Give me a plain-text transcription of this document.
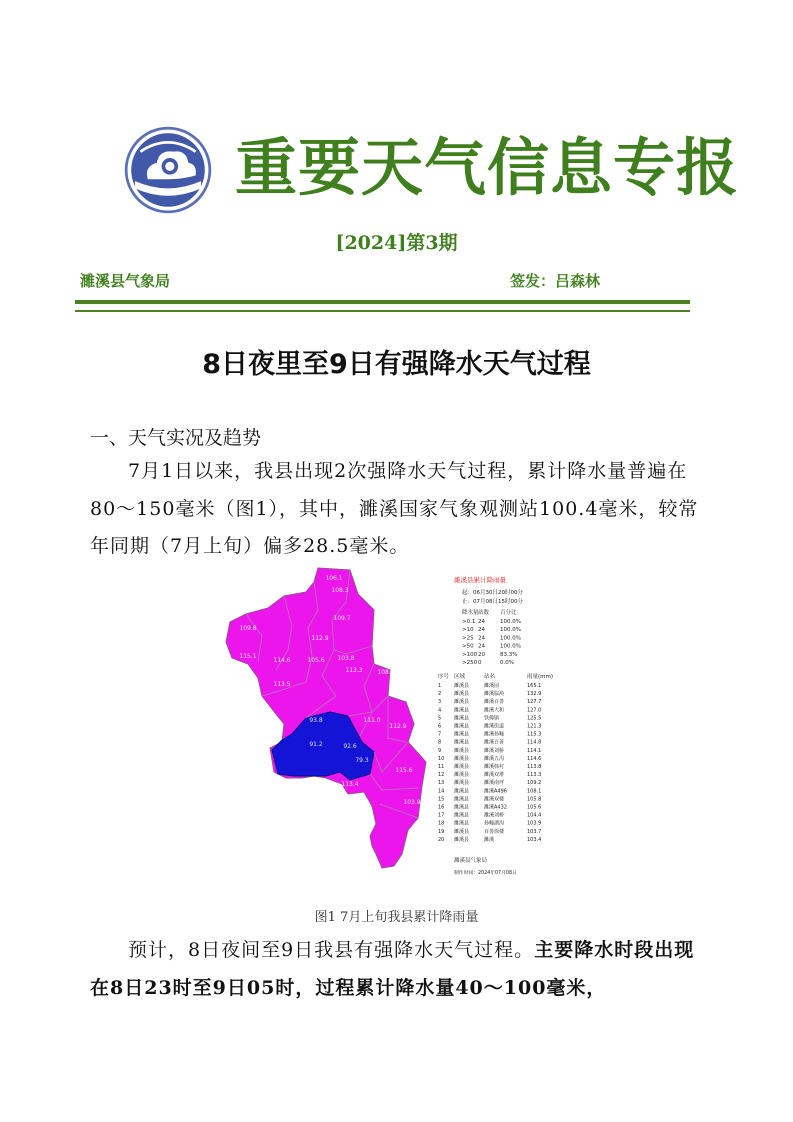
重要天气信息专报
[2024]第3期
濉溪县气象局	签发：吕森林
8日夜里至9日有强降水天气过程
一、天气实况及趋势
7月1日以来，我县出现2次强降水天气过程，累计降水量普遍在80～150毫米（图1），其中，濉溪国家气象观测站100.4毫米，较常年同期（7月上旬）偏多28.5毫米。
106.1
108.3
109.7
109.8
112.9
115.1
114.6	105.6 103.8
108.1
113.3
111.0
93.8
91.2	92.6
79.3
112.9
115.6
113.4
103.9
113.5
濉溪县累计降雨量
起：06月30日20时00分
止：07月08日15时00分
降水量 站数 百分比
>0.1 24	100.0%
>10 24	100.0%
>25 24	100.0%
>50 24	100.0%
>100 20	83.3%
>250 0	0.0%
序号 区域	站名	雨量(mm)
1	濉溪县	濉溪园	165.1
2	濉溪县	濉溪临涣	132.9
3	濉溪县	濉溪百善	127.7
4	濉溪县	濉溪大和	127.0
5	濉溪县	铁佛镇	125.5
6	濉溪县	濉溪街道	121.3
7	濉溪县	濉溪孙疃	115.3
8	濉溪县	濉溪百善	114.8
9	濉溪县	濉溪刘桥	114.1
10 濉溪县	濉溪五沟	114.6
11 濉溪县	濉溪韩村	113.8
12 濉溪县	濉溪双堆	113.3
13 濉溪县	濉溪南坪	109.2
14 濉溪县	濉溪A496	108.1
15 濉溪县	濉溪双楼	105.8
16 濉溪县	濉溪A432	105.6
17 濉溪县	濉溪刘桥	104.4
18 濉溪县	孙疃湖沟	103.9
19 濉溪县	百善徐楼	103.7
20 濉溪县	濉溪	103.4
濉溪县气象局
制作时间：2024年07月08日
图1 7月上旬我县累计降雨量
预计，8日夜间至9日我县有强降水天气过程。主要降水时段出现在8日23时至9日05时，过程累计降水量40～100毫米，
